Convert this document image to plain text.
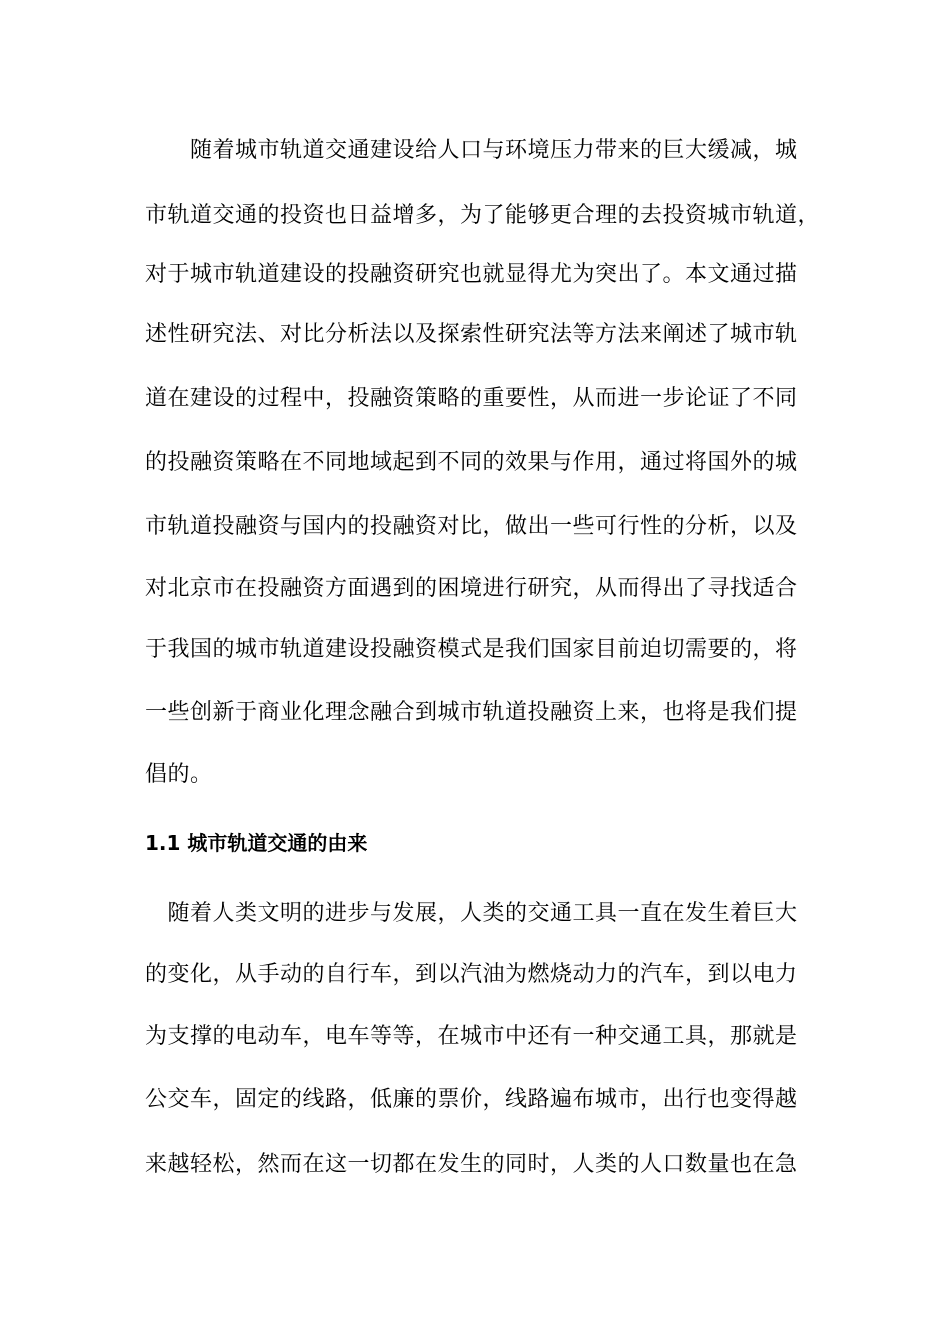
　　随着城市轨道交通建设给人口与环境压力带来的巨大缓减，城
市轨道交通的投资也日益增多，为了能够更合理的去投资城市轨道，
对于城市轨道建设的投融资研究也就显得尤为突出了。本文通过描
述性研究法、对比分析法以及探索性研究法等方法来阐述了城市轨
道在建设的过程中，投融资策略的重要性，从而进一步论证了不同
的投融资策略在不同地域起到不同的效果与作用，通过将国外的城
市轨道投融资与国内的投融资对比，做出一些可行性的分析，以及
对北京市在投融资方面遇到的困境进行研究，从而得出了寻找适合
于我国的城市轨道建设投融资模式是我们国家目前迫切需要的，将
一些创新于商业化理念融合到城市轨道投融资上来，也将是我们提
倡的。
1.1 城市轨道交通的由来
　随着人类文明的进步与发展，人类的交通工具一直在发生着巨大
的变化，从手动的自行车，到以汽油为燃烧动力的汽车，到以电力
为支撑的电动车，电车等等，在城市中还有一种交通工具，那就是
公交车，固定的线路，低廉的票价，线路遍布城市，出行也变得越
来越轻松，然而在这一切都在发生的同时，人类的人口数量也在急
